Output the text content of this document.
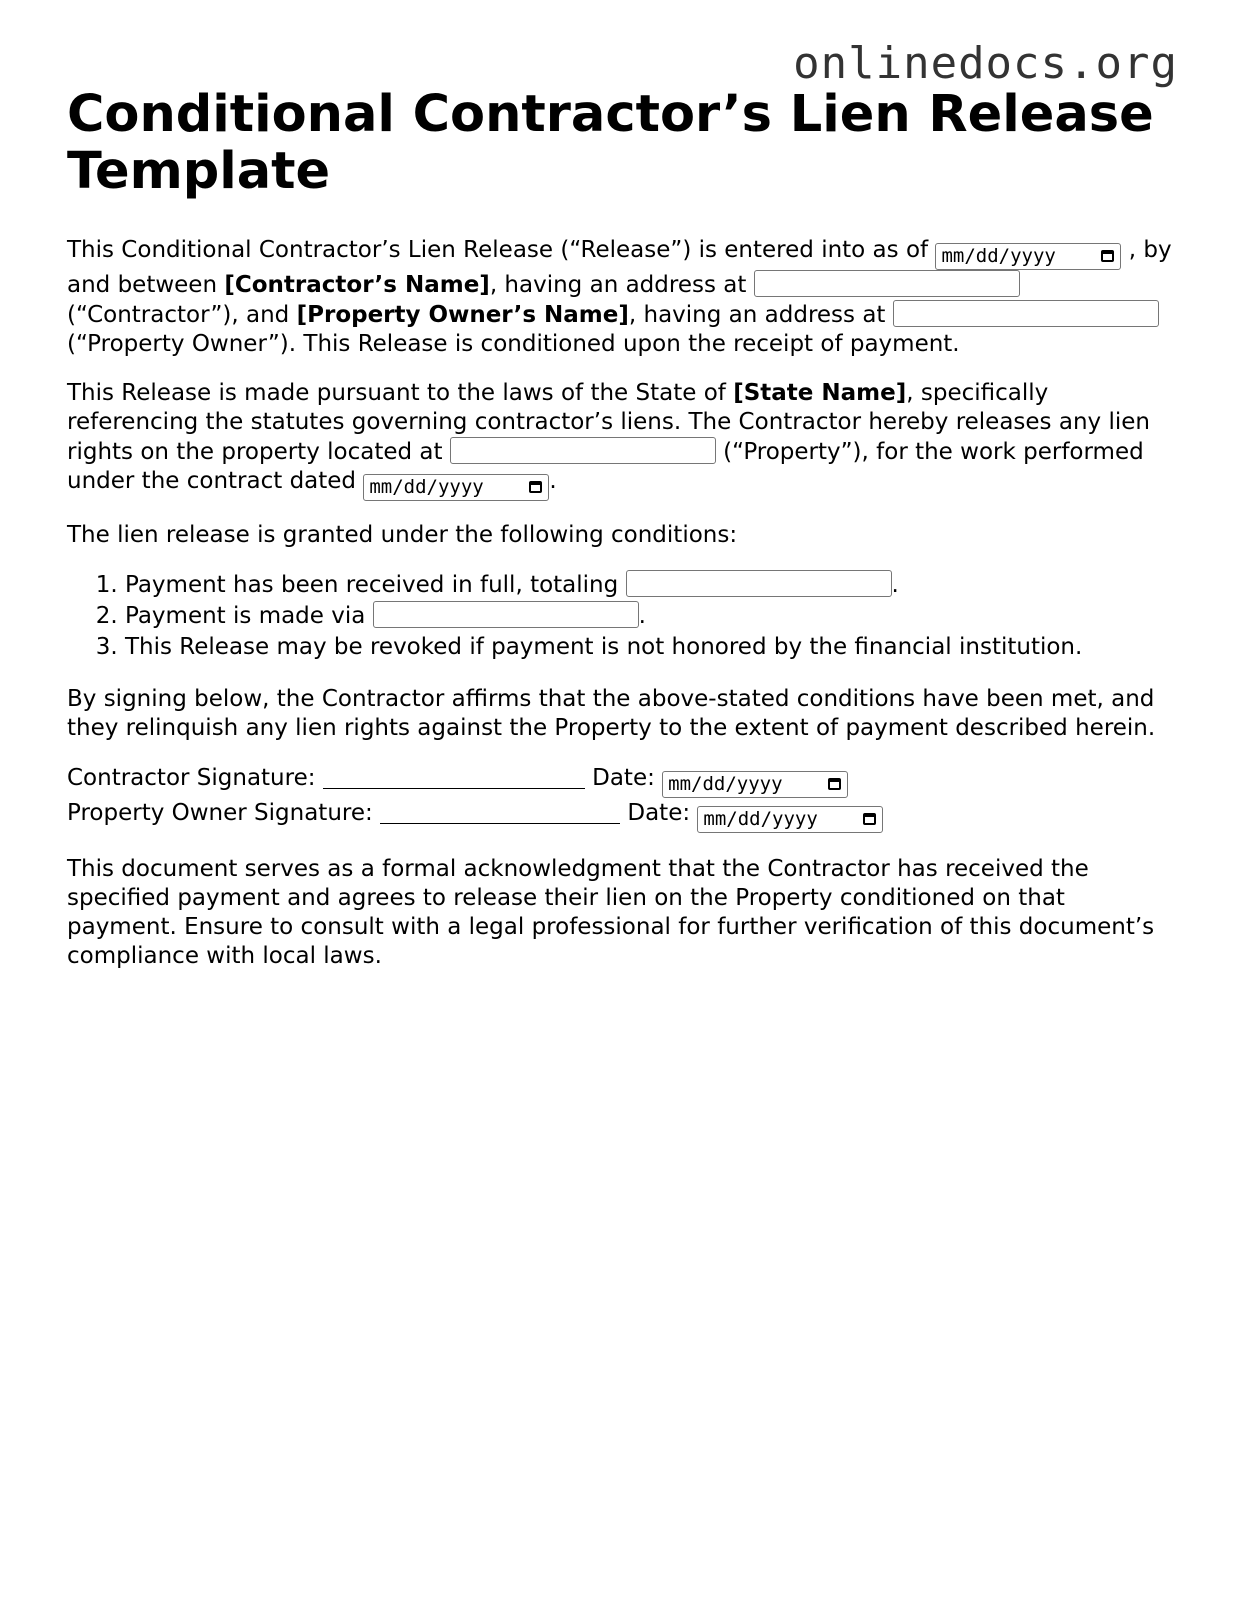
onlinedocs.org
Conditional Contractor’s Lien Release Template

This Conditional Contractor’s Lien Release (“Release”) is entered into as of mm/dd/yyyy	, by and between [Contractor’s Name], having an address at  (“Contractor”), and [Property Owner’s Name], having an address at  (“Property Owner”). This Release is conditioned upon the receipt of payment.

This Release is made pursuant to the laws of the State of [State Name], specifically referencing the statutes governing contractor’s liens. The Contractor hereby releases any lien rights on the property located at	(“Property”), for the work performed under the contract dated mm/dd/yyyy	.

The lien release is granted under the following conditions:

1. Payment has been received in full, totaling	.
2. Payment is made via	.
3. This Release may be revoked if payment is not honored by the financial institution.

By signing below, the Contractor affirms that the above-stated conditions have been met, and they relinquish any lien rights against the Property to the extent of payment described herein.

Contractor Signature:	Date: mm/dd/yyyy

Property Owner Signature:	Date: mm/dd/yyyy

This document serves as a formal acknowledgment that the Contractor has received the specified payment and agrees to release their lien on the Property conditioned on that payment. Ensure to consult with a legal professional for further verification of this document’s compliance with local laws.
